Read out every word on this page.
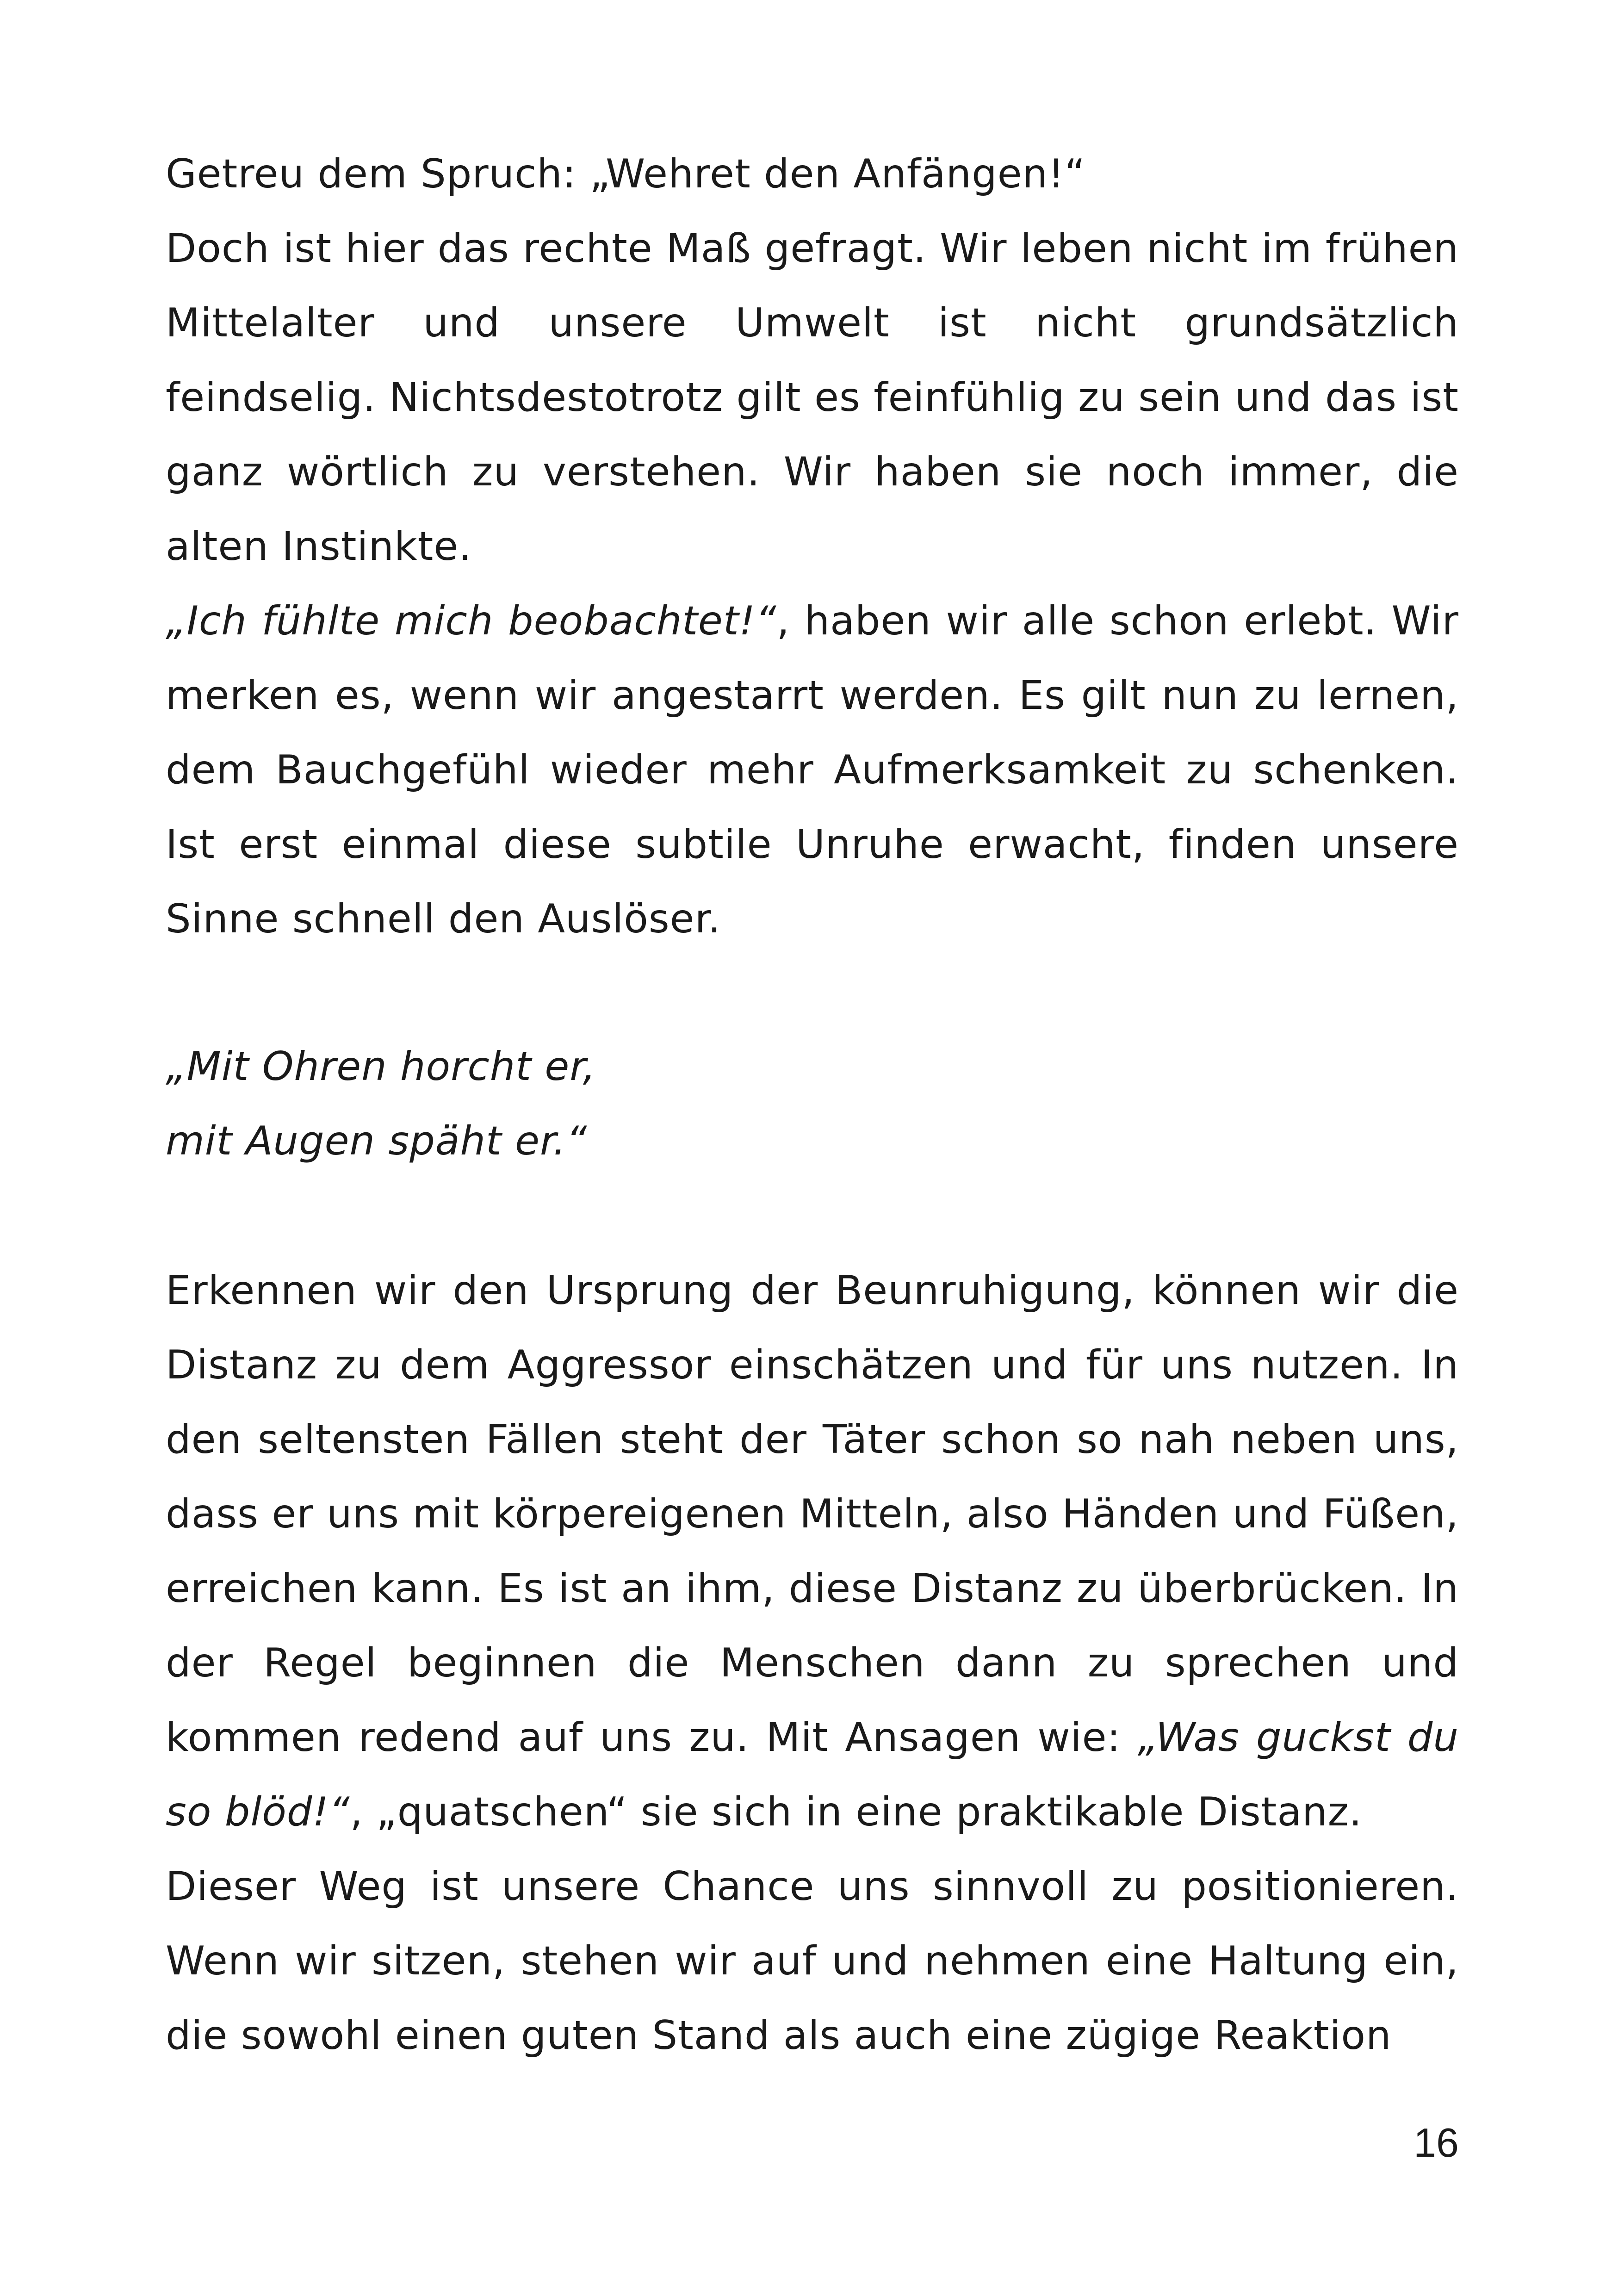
Getreu dem Spruch: „Wehret den Anfängen!“

Doch ist hier das rechte Maß gefragt. Wir leben nicht im frühen Mittelalter und unsere Umwelt ist nicht grundsätzlich feindselig. Nichtsdestotrotz gilt es feinfühlig zu sein und das ist ganz wörtlich zu verstehen. Wir haben sie noch immer, die alten Instinkte.
„Ich fühlte mich beobachtet!“, haben wir alle schon erlebt. Wir merken es, wenn wir angestarrt werden. Es gilt nun zu lernen, dem Bauchgefühl wieder mehr Aufmerksamkeit zu schenken. Ist erst einmal diese subtile Unruhe erwacht, finden unsere Sinne schnell den Auslöser.

„Mit Ohren horcht er,
mit Augen späht er.“

Erkennen wir den Ursprung der Beunruhigung, können wir die Distanz zu dem Aggressor einschätzen und für uns nutzen. In den seltensten Fällen steht der Täter schon so nah neben uns, dass er uns mit körpereigenen Mitteln, also Händen und Füßen, erreichen kann. Es ist an ihm, diese Distanz zu überbrücken. In der Regel beginnen die Menschen dann zu sprechen und kommen redend auf uns zu. Mit Ansagen wie: „Was guckst du so blöd!“, „quatschen“ sie sich in eine praktikable Distanz.

Dieser Weg ist unsere Chance uns sinnvoll zu positionieren. Wenn wir sitzen, stehen wir auf und nehmen eine Haltung ein, die sowohl einen guten Stand als auch eine zügige Reaktion

16
